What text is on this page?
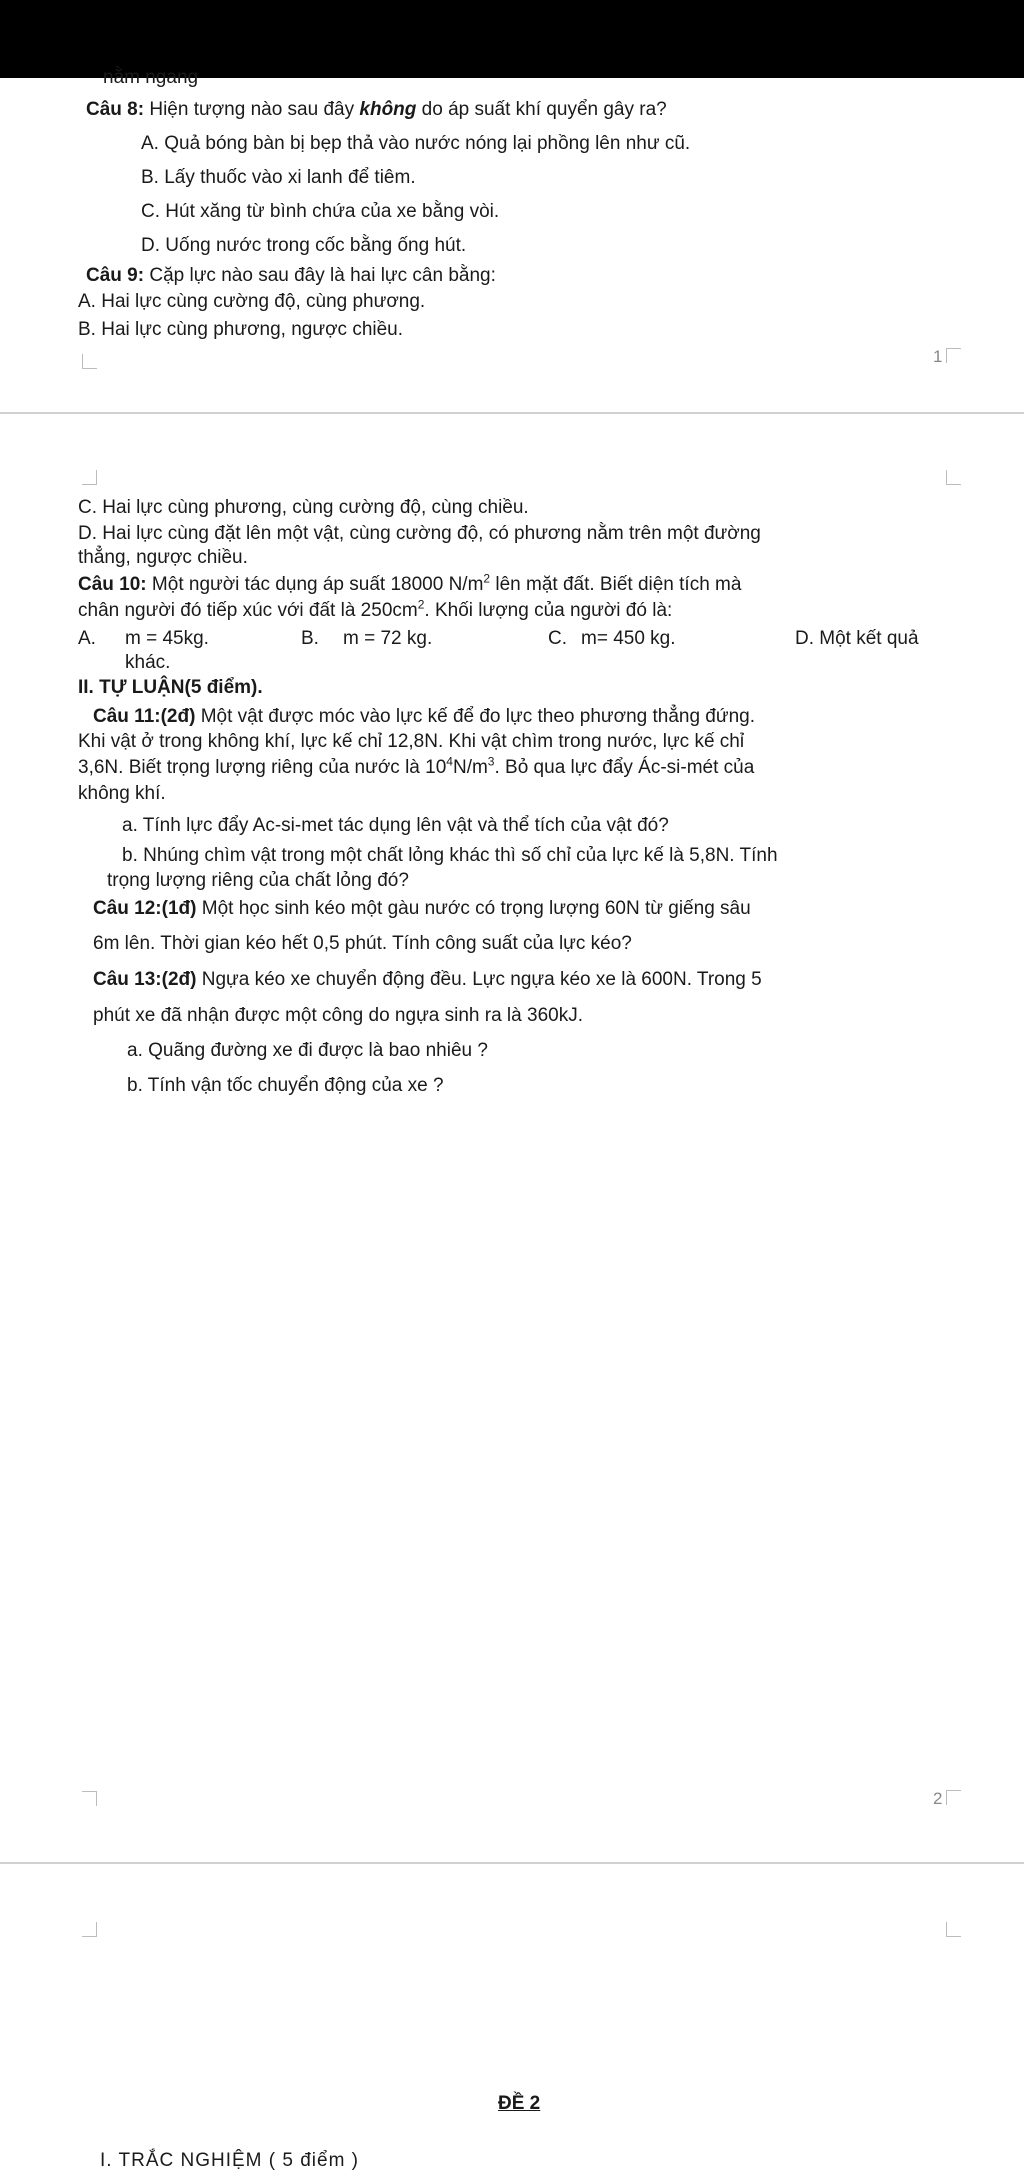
nằm ngang
Câu 8: Hiện tượng nào sau đây không do áp suất khí quyển gây ra?
A. Quả bóng bàn bị bẹp thả vào nước nóng lại phồng lên như cũ.
B. Lấy thuốc vào xi lanh để tiêm.
C. Hút xăng từ bình chứa của xe bằng vòi.
D. Uống nước trong cốc bằng ống hút.
Câu 9: Cặp lực nào sau đây là hai lực cân bằng:
A. Hai lực cùng cường độ, cùng phương.
B. Hai lực cùng phương, ngược chiều.
1
C. Hai lực cùng phương, cùng cường độ, cùng chiều.
D. Hai lực cùng đặt lên một vật, cùng cường độ, có phương nằm trên một đường
thẳng, ngược chiều.
Câu 10: Một người tác dụng áp suất 18000 $N/m^2$ lên mặt đất. Biết diện tích mà
chân người đó tiếp xúc với đất là $250cm^2$. Khối lượng của người đó là:
A. m = 45kg.	B. m = 72 kg.	C. m= 450 kg.	D. Một kết quả
khác.
II. TỰ LUẬN(5 điểm).
Câu 11:(2đ) Một vật được móc vào lực kế để đo lực theo phương thẳng đứng.
Khi vật ở trong không khí, lực kế chỉ 12,8N. Khi vật chìm trong nước, lực kế chỉ
3,6N. Biết trọng lượng riêng của nước là $10^4N/m^3$. Bỏ qua lực đẩy Ác-si-mét của
không khí.
a. Tính lực đẩy Ac-si-met tác dụng lên vật và thể tích của vật đó?
b. Nhúng chìm vật trong một chất lỏng khác thì số chỉ của lực kế là 5,8N. Tính
trọng lượng riêng của chất lỏng đó?
Câu 12:(1đ) Một học sinh kéo một gàu nước có trọng lượng 60N từ giếng sâu
6m lên. Thời gian kéo hết 0,5 phút. Tính công suất của lực kéo?
Câu 13:(2đ) Ngựa kéo xe chuyển động đều. Lực ngựa kéo xe là 600N. Trong 5
phút xe đã nhận được một công do ngựa sinh ra là 360kJ.
a. Quãng đường xe đi được là bao nhiêu ?
b. Tính vận tốc chuyển động của xe ?
2
ĐỀ 2
I. TRẮC NGHIỆM ( 5 điểm )
